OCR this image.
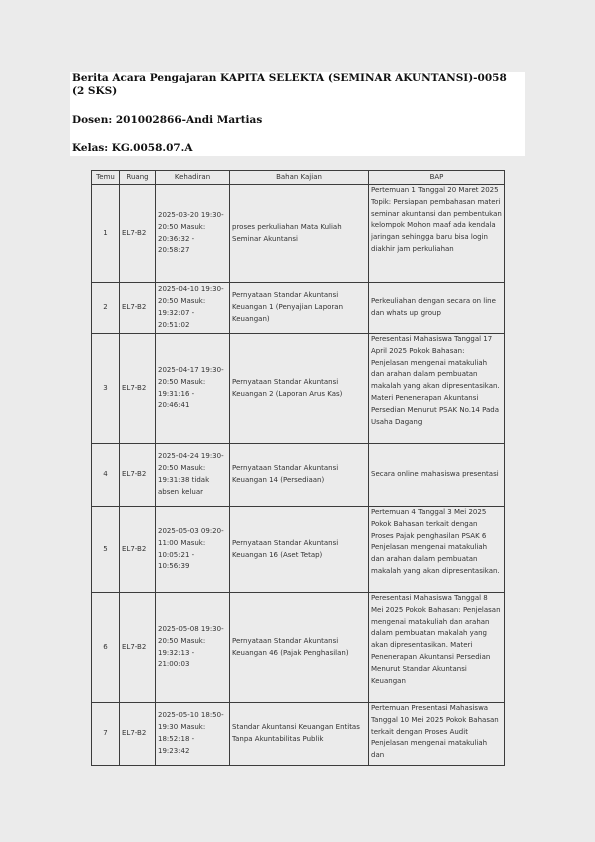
Berita Acara Pengajaran KAPITA SELEKTA (SEMINAR AKUNTANSI)-0058 (2 SKS)
Dosen: 201002866-Andi Martias
Kelas: KG.0058.07.A
Temu	Ruang	Kehadiran	Bahan Kajian	BAP
1	EL7-B2	2025-03-20 19:30-20:50 Masuk: 20:36:32 - 20:58:27	proses perkuliahan Mata Kuliah Seminar Akuntansi	Pertemuan 1 Tanggal 20 Maret 2025 Topik: Persiapan pembahasan materi seminar akuntansi dan pembentukan kelompok Mohon maaf ada kendala jaringan sehingga baru bisa login diakhir jam perkuliahan
2	EL7-B2	2025-04-10 19:30-20:50 Masuk: 19:32:07 - 20:51:02	Pernyataan Standar Akuntansi Keuangan 1 (Penyajian Laporan Keuangan)	Perkeuliahan dengan secara on line dan whats up group
3	EL7-B2	2025-04-17 19:30-20:50 Masuk: 19:31:16 - 20:46:41	Pernyataan Standar Akuntansi Keuangan 2 (Laporan Arus Kas)	Peresentasi Mahasiswa Tanggal 17 April 2025 Pokok Bahasan: Penjelasan mengenai matakuliah dan arahan dalam pembuatan makalah yang akan dipresentasikan. Materi Penenerapan Akuntansi Persedian Menurut PSAK No.14 Pada Usaha Dagang
4	EL7-B2	2025-04-24 19:30-20:50 Masuk: 19:31:38 tidak absen keluar	Pernyataan Standar Akuntansi Keuangan 14 (Persediaan)	Secara online mahasiswa presentasi
5	EL7-B2	2025-05-03 09:20-11:00 Masuk: 10:05:21 - 10:56:39	Pernyataan Standar Akuntansi Keuangan 16 (Aset Tetap)	Pertemuan 4 Tanggal 3 Mei 2025 Pokok Bahasan terkait dengan Proses Pajak penghasilan PSAK 6 Penjelasan mengenai matakuliah dan arahan dalam pembuatan makalah yang akan dipresentasikan.
6	EL7-B2	2025-05-08 19:30-20:50 Masuk: 19:32:13 - 21:00:03	Pernyataan Standar Akuntansi Keuangan 46 (Pajak Penghasilan)	Peresentasi Mahasiswa Tanggal 8 Mei 2025 Pokok Bahasan: Penjelasan mengenai matakuliah dan arahan dalam pembuatan makalah yang akan dipresentasikan. Materi Penenerapan Akuntansi Persedian Menurut Standar Akuntansi Keuangan
7	EL7-B2	2025-05-10 18:50-19:30 Masuk: 18:52:18 - 19:23:42	Standar Akuntansi Keuangan Entitas Tanpa Akuntabilitas Publik	Pertemuan Presentasi Mahasiswa Tanggal 10 Mei 2025 Pokok Bahasan terkait dengan Proses Audit Penjelasan mengenai matakuliah dan
